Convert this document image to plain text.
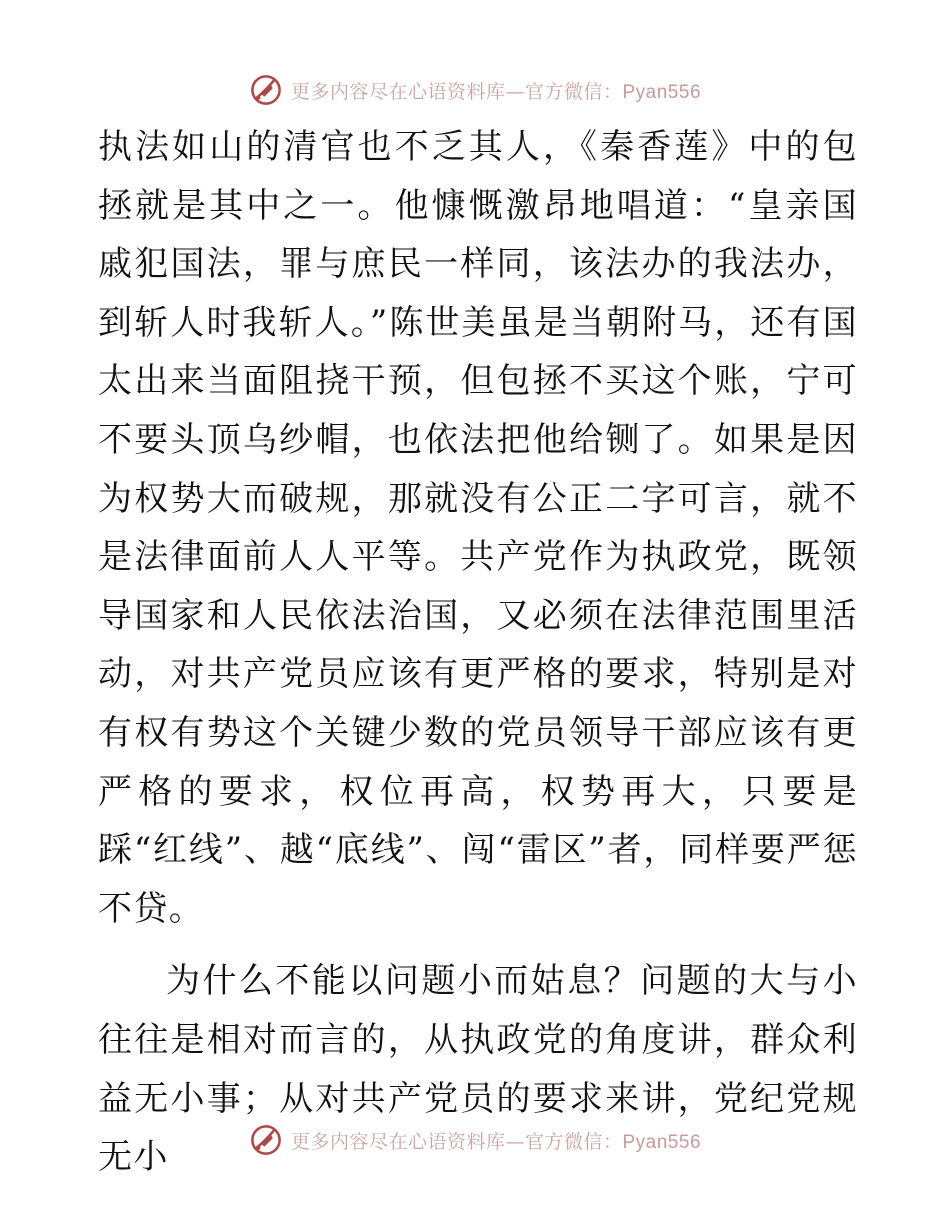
更多内容尽在心语资料库—官方微信：Pyan556

执法如山的清官也不乏其人，《秦香莲》中的包拯就是其中之一。他慷慨激昂地唱道：“皇亲国戚犯国法，罪与庶民一样同，该法办的我法办，到斩人时我斩人。”陈世美虽是当朝附马，还有国太出来当面阻挠干预，但包拯不买这个账，宁可不要头顶乌纱帽，也依法把他给铡了。如果是因为权势大而破规，那就没有公正二字可言，就不是法律面前人人平等。共产党作为执政党，既领导国家和人民依法治国，又必须在法律范围里活动，对共产党员应该有更严格的要求，特别是对有权有势这个关键少数的党员领导干部应该有更严格的要求，权位再高，权势再大，只要是踩“红线”、越“底线”、闯“雷区”者，同样要严惩不贷。

为什么不能以问题小而姑息？问题的大与小往往是相对而言的，从执政党的角度讲，群众利益无小事；从对共产党员的要求来讲，党纪党规无小	更多内容尽在心语资料库—官方微信：Pyan556
